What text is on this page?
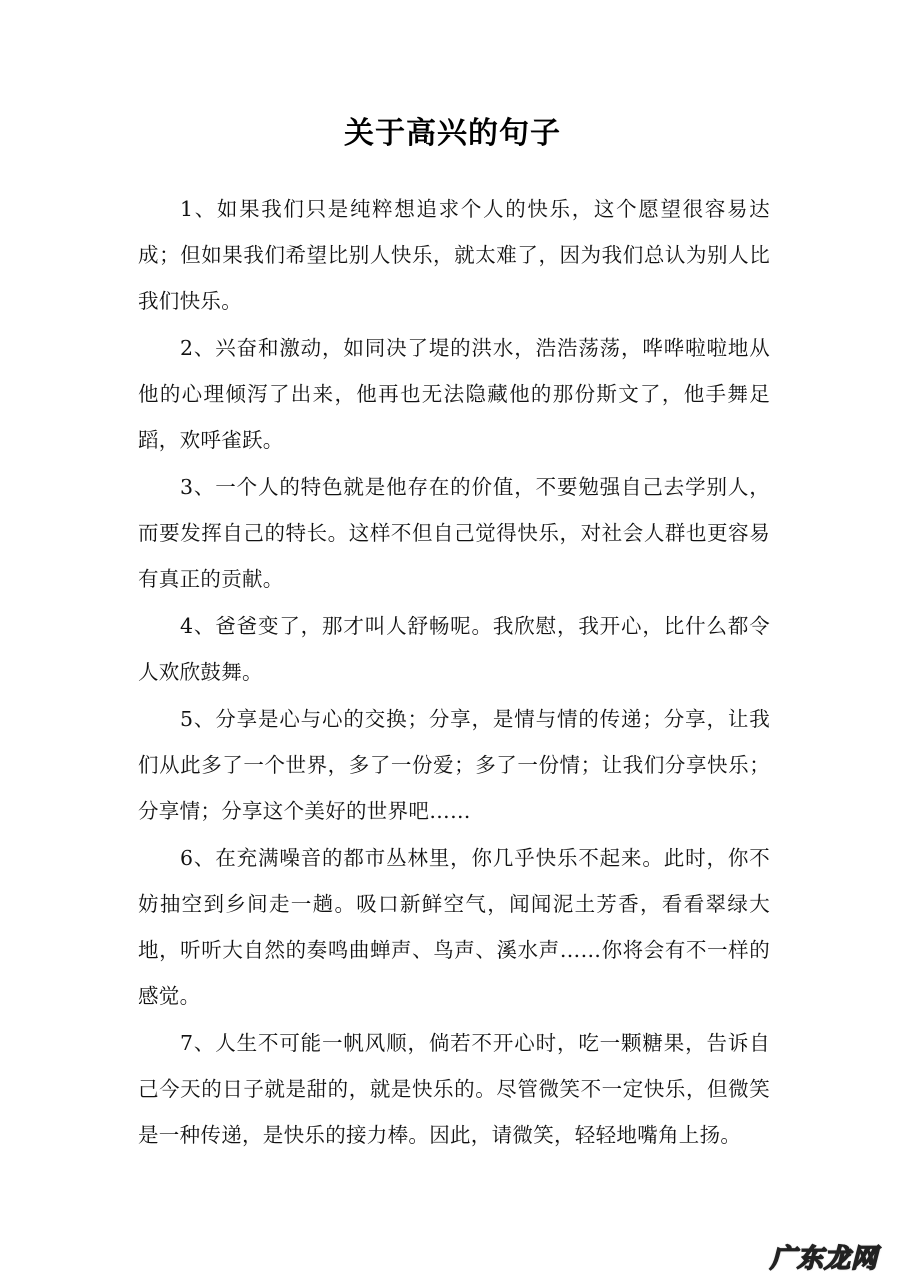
关于高兴的句子

1、如果我们只是纯粹想追求个人的快乐，这个愿望很容易达成；但如果我们希望比别人快乐，就太难了，因为我们总认为别人比我们快乐。

2、兴奋和激动，如同决了堤的洪水，浩浩荡荡，哗哗啦啦地从他的心理倾泻了出来，他再也无法隐藏他的那份斯文了，他手舞足蹈，欢呼雀跃。

3、一个人的特色就是他存在的价值，不要勉强自己去学别人，而要发挥自己的特长。这样不但自己觉得快乐，对社会人群也更容易有真正的贡献。

4、爸爸变了，那才叫人舒畅呢。我欣慰，我开心，比什么都令人欢欣鼓舞。

5、分享是心与心的交换；分享，是情与情的传递；分享，让我们从此多了一个世界，多了一份爱；多了一份情；让我们分享快乐；分享情；分享这个美好的世界吧……

6、在充满噪音的都市丛林里，你几乎快乐不起来。此时，你不妨抽空到乡间走一趟。吸口新鲜空气，闻闻泥土芳香，看看翠绿大地，听听大自然的奏鸣曲蝉声、鸟声、溪水声……你将会有不一样的感觉。

7、人生不可能一帆风顺，倘若不开心时，吃一颗糖果，告诉自己今天的日子就是甜的，就是快乐的。尽管微笑不一定快乐，但微笑是一种传递，是快乐的接力棒。因此，请微笑，轻轻地嘴角上扬。

广东龙网
